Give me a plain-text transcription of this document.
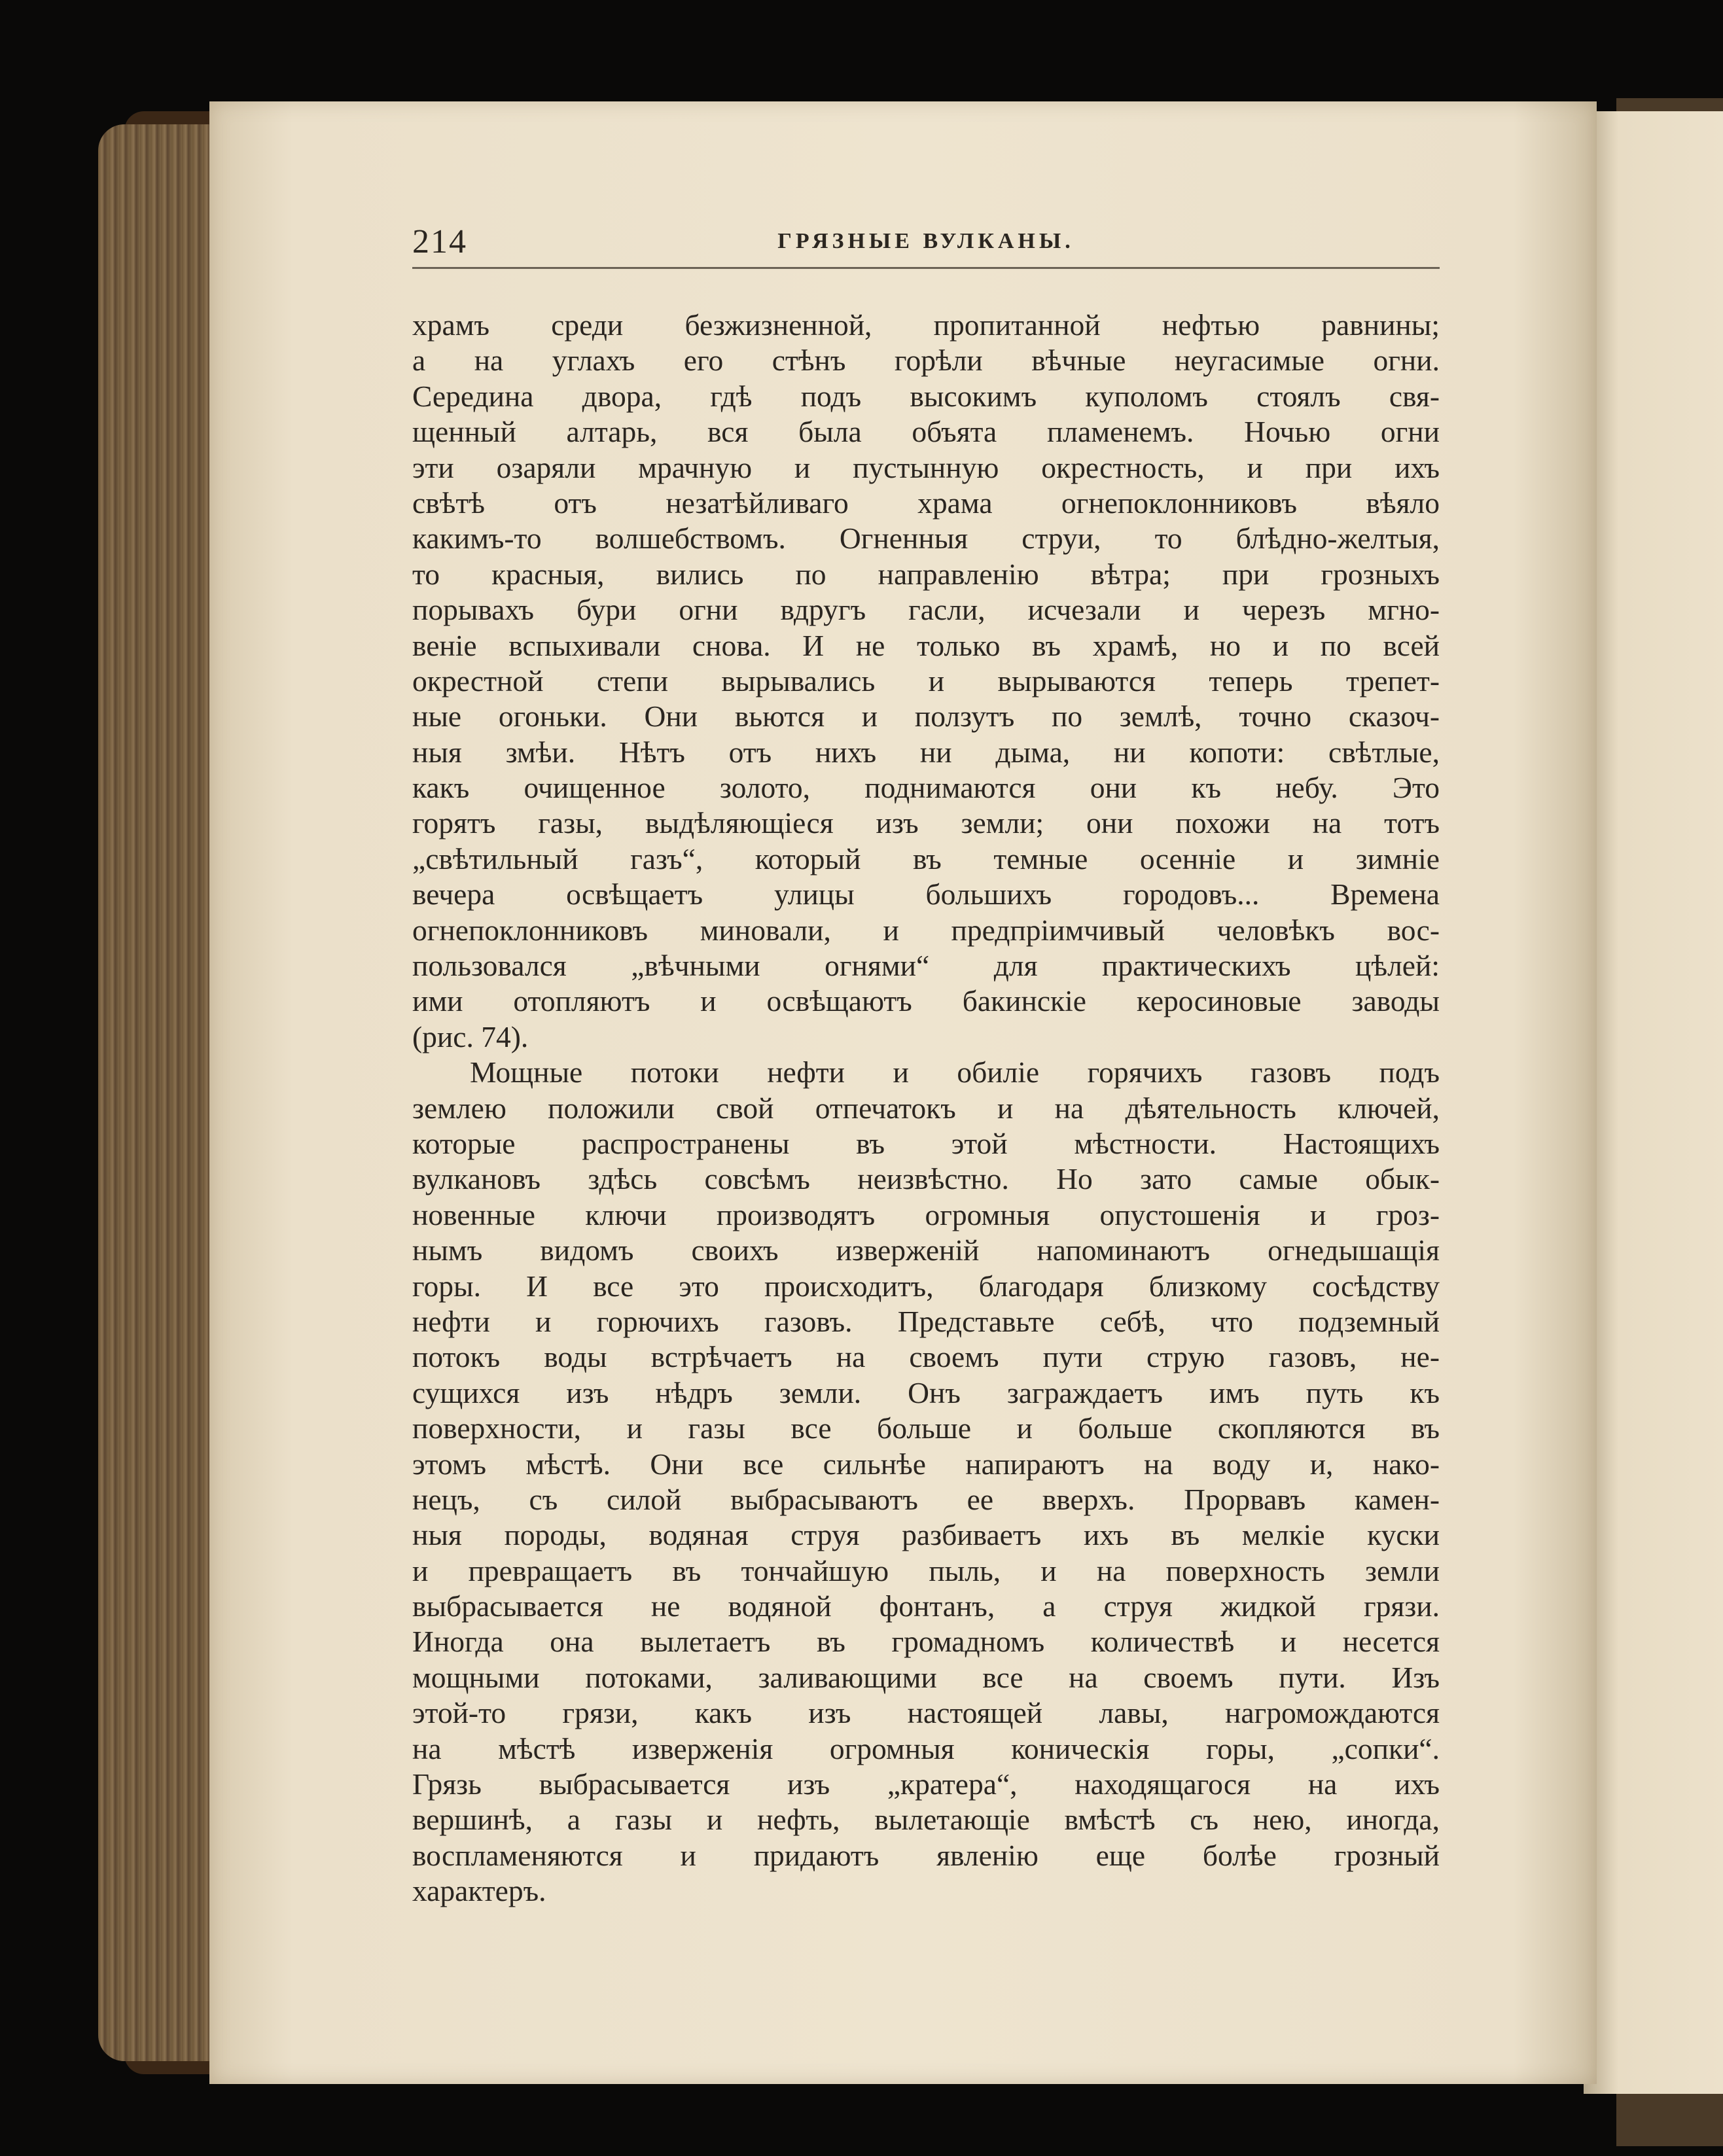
214	ГРЯЗНЫЕ ВУЛКАНЫ.
храмъ среди безжизненной, пропитанной нефтью равнины;
а на углахъ его стѣнъ горѣли вѣчные неугасимые огни.
Середина двора, гдѣ подъ высокимъ куполомъ стоялъ свя-
щенный алтарь, вся была объята пламенемъ. Ночью огни
эти озаряли мрачную и пустынную окрестность, и при ихъ
свѣтѣ отъ незатѣйливаго храма огнепоклонниковъ вѣяло
какимъ-то волшебствомъ. Огненныя струи, то блѣдно-желтыя,
то красныя, вились по направленію вѣтра; при грозныхъ
порывахъ бури огни вдругъ гасли, исчезали и черезъ мгно-
веніе вспыхивали снова. И не только въ храмѣ, но и по всей
окрестной степи вырывались и вырываются теперь трепет-
ные огоньки. Они вьются и ползутъ по землѣ, точно сказоч-
ныя змѣи. Нѣтъ отъ нихъ ни дыма, ни копоти: свѣтлые,
какъ очищенное золото, поднимаются они къ небу. Это
горятъ газы, выдѣляющіеся изъ земли; они похожи на тотъ
„свѣтильный газъ“, который въ темные осенніе и зимніе
вечера освѣщаетъ улицы большихъ городовъ... Времена
огнепоклонниковъ миновали, и предпріимчивый человѣкъ вос-
пользовался „вѣчными огнями“ для практическихъ цѣлей:
ими отопляютъ и освѣщаютъ бакинскіе керосиновые заводы
(рис. 74).
Мощные потоки нефти и обиліе горячихъ газовъ подъ
землею положили свой отпечатокъ и на дѣятельность ключей,
которые распространены въ этой мѣстности. Настоящихъ
вулкановъ здѣсь совсѣмъ неизвѣстно. Но зато самые обык-
новенные ключи производятъ огромныя опустошенія и гроз-
нымъ видомъ своихъ изверженій напоминаютъ огнедышащія
горы. И все это происходитъ, благодаря близкому сосѣдству
нефти и горючихъ газовъ. Представьте себѣ, что подземный
потокъ воды встрѣчаетъ на своемъ пути струю газовъ, не-
сущихся изъ нѣдръ земли. Онъ заграждаетъ имъ путь къ
поверхности, и газы все больше и больше скопляются въ
этомъ мѣстѣ. Они все сильнѣе напираютъ на воду и, нако-
нецъ, съ силой выбрасываютъ ее вверхъ. Прорвавъ камен-
ныя породы, водяная струя разбиваетъ ихъ въ мелкіе куски
и превращаетъ въ тончайшую пыль, и на поверхность земли
выбрасывается не водяной фонтанъ, а струя жидкой грязи.
Иногда она вылетаетъ въ громадномъ количествѣ и несется
мощными потоками, заливающими все на своемъ пути. Изъ
этой-то грязи, какъ изъ настоящей лавы, нагромождаются
на мѣстѣ изверженія огромныя коническія горы, „сопки“.
Грязь выбрасывается изъ „кратера“, находящагося на ихъ
вершинѣ, а газы и нефть, вылетающіе вмѣстѣ съ нею, иногда,
воспламеняются и придаютъ явленію еще болѣе грозный
характеръ.
